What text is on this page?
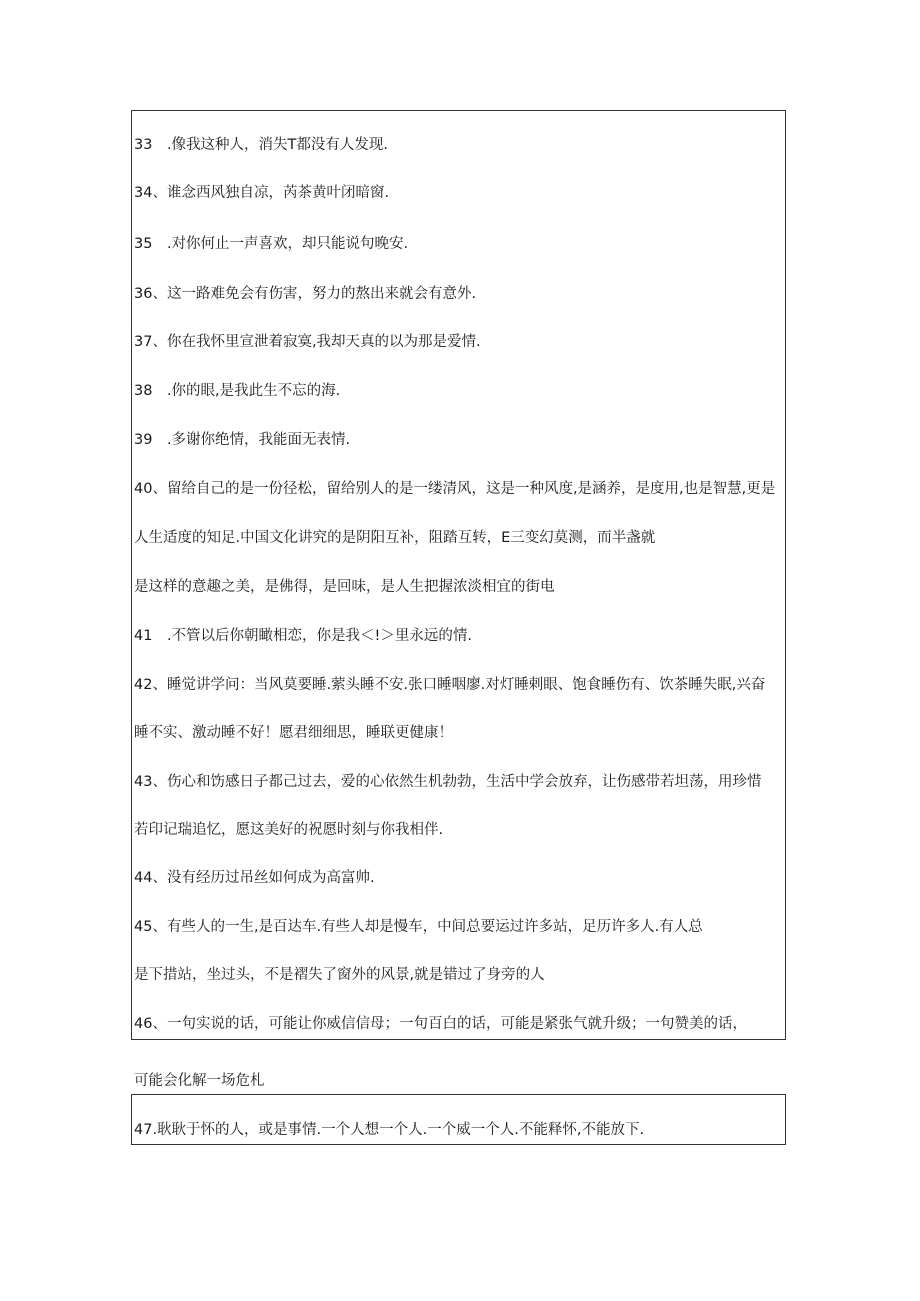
33　.像我这种人，消失T都没有人发现.
34、谁念西风独自凉，芮茶黄叶闭暗窗.
35　.对你何止一声喜欢，却只能说句晚安.
36、这一路难免会有伤害，努力的熬出来就会有意外.
37、你在我怀里宣泄着寂寞,我却天真的以为那是爱情.
38　.你的眼,是我此生不忘的海.
39　.多谢你绝情，我能面无表情.
40、留给自己的是一份径松，留给别人的是一缕清风，这是一种风度,是涵养，是度用,也是智慧,更是
人生适度的知足.中国文化讲究的是阴阳互补，阻踏互转，E三变幻莫测，而半盏就
是这样的意趣之美，是佛得，是回味，是人生把握浓淡相宜的街电
41　.不管以后你朝瞰相恋，你是我＜!＞里永远的情.
42、睡觉讲学问：当风莫要睡.萦头睡不安.张口睡咽廖.对灯睡剌眼、饱食睡伤有、饮茶睡失眠,兴奋
睡不实、激动睡不好！愿君细细思，睡联更健康！
43、伤心和饬感日子都己过去，爱的心依然生机勃勃，生活中学会放弃，让伤感带若坦荡，用珍惜
若印记瑞追忆，愿这美好的祝愿时刻与你我相伴.
44、没有经历过吊丝如何成为高富帅.
45、有些人的一生,是百达车.有些人却是慢车，中间总要运过许多站，足历许多人.有人总
是下措站，坐过头，不是褶失了窗外的风景,就是错过了身旁的人
46、一句实说的话，可能让你威信信母；一句百白的话，可能是紧张气就升级；一句赞美的话，
可能会化解一场危札
47.耿耿于怀的人，或是事情.一个人想一个人.一个威一个人.不能释怀,不能放下.
